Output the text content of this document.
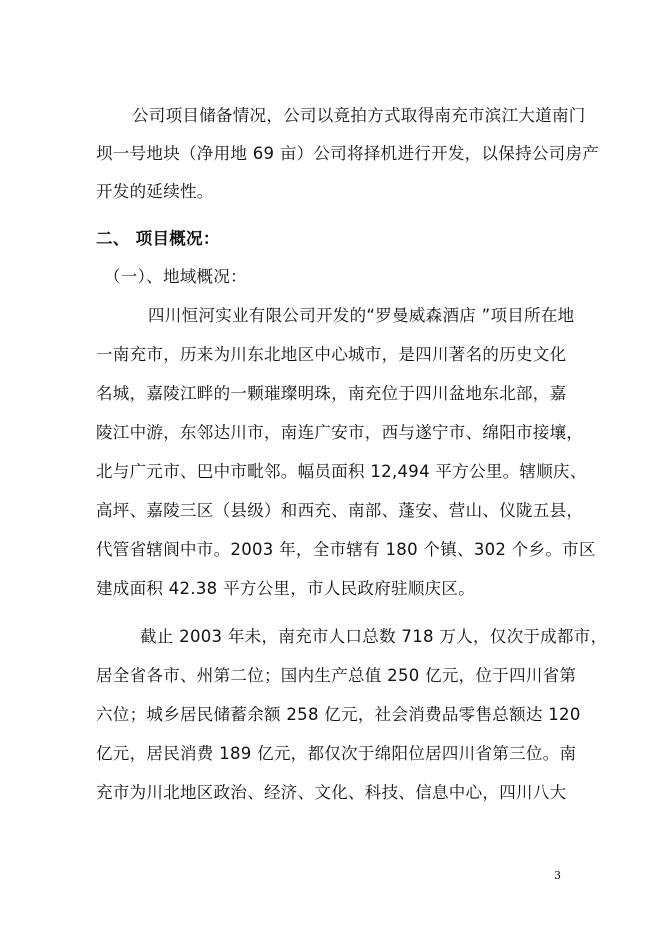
公司项目储备情况，公司以竟拍方式取得南充市滨江大道南门
坝一号地块（净用地 69 亩）公司将择机进行开发，以保持公司房产
开发的延续性。
二、 项目概况：
（一）、地域概况：
四川恒河实业有限公司开发的“罗曼威森酒店 ”项目所在地
一南充市，历来为川东北地区中心城市，是四川著名的历史文化
名城，嘉陵江畔的一颗璀璨明珠，南充位于四川盆地东北部，嘉
陵江中游，东邻达川市，南连广安市，西与遂宁市、绵阳市接壤，
北与广元市、巴中市毗邻。幅员面积 12,494 平方公里。辖顺庆、
高坪、嘉陵三区（县级）和西充、南部、蓬安、营山、仪陇五县，
代管省辖阆中市。2003 年，全市辖有 180 个镇、302 个乡。市区
建成面积 42.38 平方公里，市人民政府驻顺庆区。
截止 2003 年未，南充市人口总数 718 万人，仅次于成都市，
居全省各市、州第二位；国内生产总值 250 亿元，位于四川省第
六位；城乡居民储蓄余额 258 亿元，社会消费品零售总额达 120
亿元，居民消费 189 亿元，都仅次于绵阳位居四川省第三位。南
充市为川北地区政治、经济、文化、科技、信息中心，四川八大
3
